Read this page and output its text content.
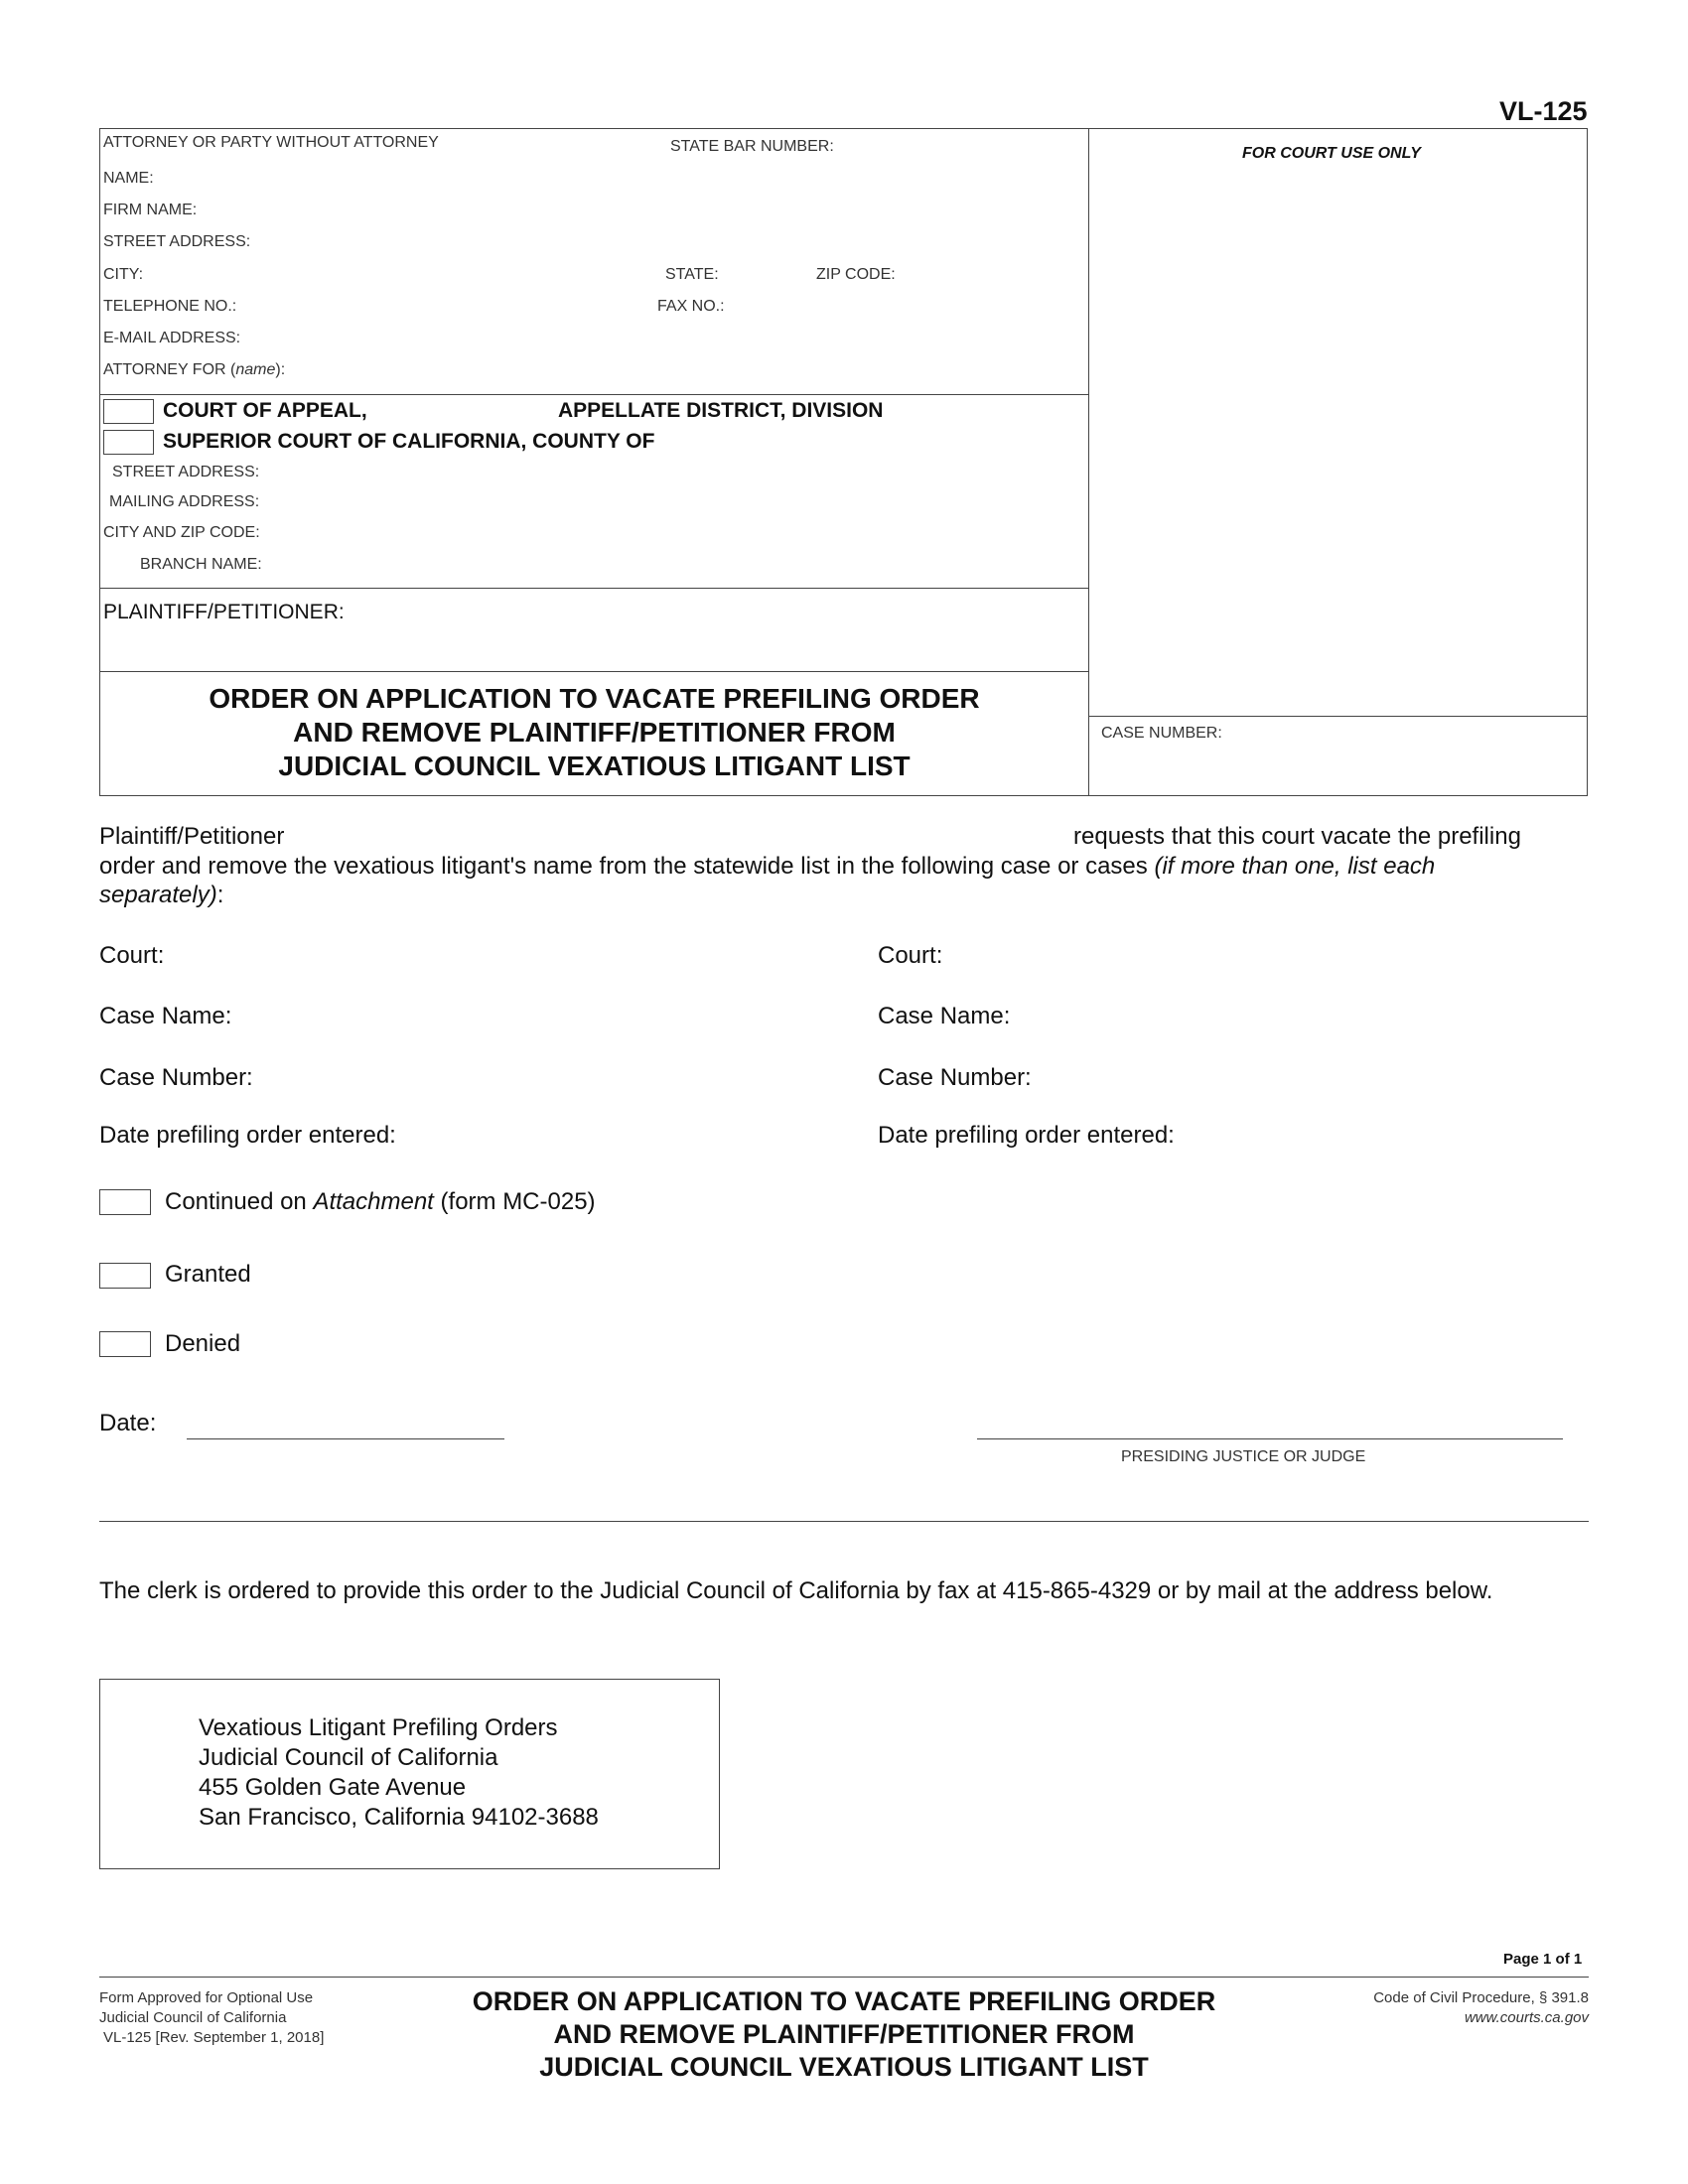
VL-125
ATTORNEY OR PARTY WITHOUT ATTORNEY	STATE BAR NUMBER:	FOR COURT USE ONLY
NAME:
FIRM NAME:
STREET ADDRESS:
CITY:	STATE:	ZIP CODE:
TELEPHONE NO.:	FAX NO.:
E-MAIL ADDRESS:
ATTORNEY FOR (name):
COURT OF APPEAL,	APPELLATE DISTRICT, DIVISION
SUPERIOR COURT OF CALIFORNIA, COUNTY OF
STREET ADDRESS:
MAILING ADDRESS:
CITY AND ZIP CODE:
BRANCH NAME:
PLAINTIFF/PETITIONER:
ORDER ON APPLICATION TO VACATE PREFILING ORDER
AND REMOVE PLAINTIFF/PETITIONER FROM
JUDICIAL COUNCIL VEXATIOUS LITIGANT LIST
CASE NUMBER:
Plaintiff/Petitioner	requests that this court vacate the prefiling
order and remove the vexatious litigant's name from the statewide list in the following case or cases (if more than one, list each
separately):
Court:
Case Name:
Case Number:
Date prefiling order entered:
Court:
Case Name:
Case Number:
Date prefiling order entered:
Continued on Attachment (form MC-025)
Granted
Denied
Date:
PRESIDING JUSTICE OR JUDGE
The clerk is ordered to provide this order to the Judicial Council of California by fax at 415-865-4329 or by mail at the address below.
Vexatious Litigant Prefiling Orders
Judicial Council of California
455 Golden Gate Avenue
San Francisco, California 94102-3688
Page 1 of 1
Form Approved for Optional Use
Judicial Council of California
VL-125 [Rev. September 1, 2018]
ORDER ON APPLICATION TO VACATE PREFILING ORDER
AND REMOVE PLAINTIFF/PETITIONER FROM
JUDICIAL COUNCIL VEXATIOUS LITIGANT LIST
Code of Civil Procedure, § 391.8
www.courts.ca.gov
